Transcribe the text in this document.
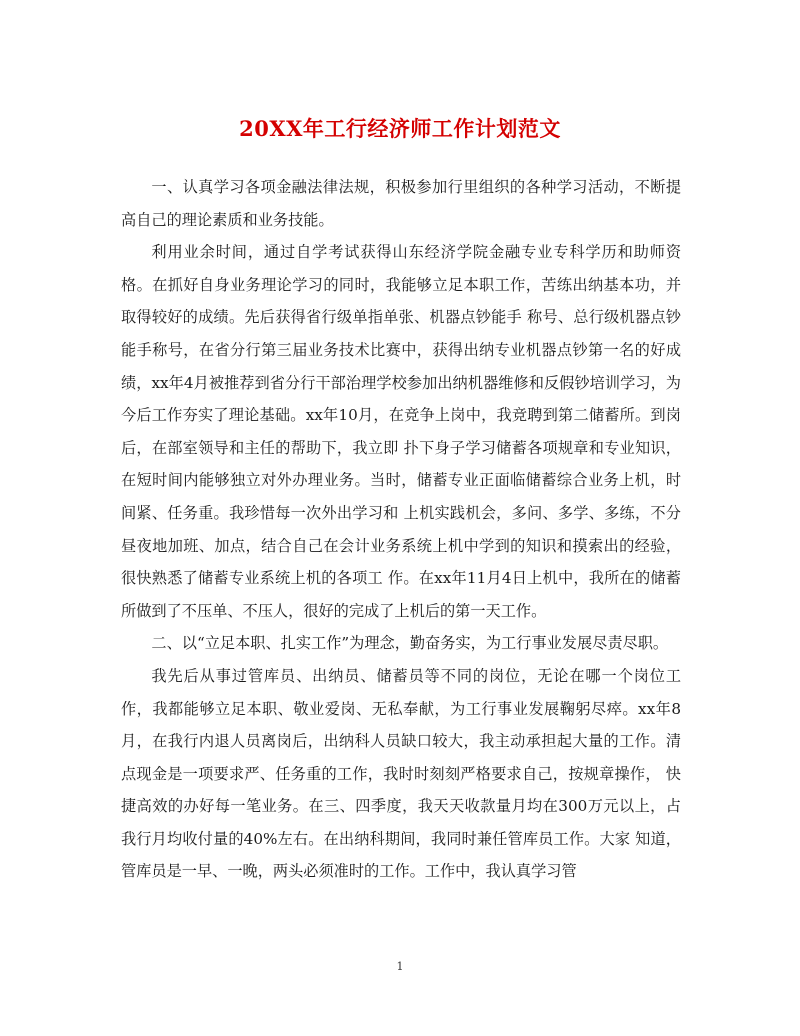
20XX年工行经济师工作计划范文

一、认真学习各项金融法律法规，积极参加行里组织的各种学习活动，不断提高自己的理论素质和业务技能。

利用业余时间，通过自学考试获得山东经济学院金融专业专科学历和助师资格。在抓好自身业务理论学习的同时，我能够立足本职工作，苦练出纳基本功，并取得较好的成绩。先后获得省行级单指单张、机器点钞能手 称号、总行级机器点钞能手称号，在省分行第三届业务技术比赛中，获得出纳专业机器点钞第一名的好成绩，xx年4月被推荐到省分行干部治理学校参加出纳机器维修和反假钞培训学习，为今后工作夯实了理论基础。xx年10月，在竞争上岗中，我竞聘到第二储蓄所。到岗后，在部室领导和主任的帮助下，我立即 扑下身子学习储蓄各项规章和专业知识，在短时间内能够独立对外办理业务。当时，储蓄专业正面临储蓄综合业务上机，时间紧、任务重。我珍惜每一次外出学习和 上机实践机会，多问、多学、多练，不分昼夜地加班、加点，结合自己在会计业务系统上机中学到的知识和摸索出的经验，很快熟悉了储蓄专业系统上机的各项工 作。在xx年11月4日上机中，我所在的储蓄所做到了不压单、不压人，很好的完成了上机后的第一天工作。

二、以“立足本职、扎实工作”为理念，勤奋务实，为工行事业发展尽责尽职。

我先后从事过管库员、出纳员、储蓄员等不同的岗位，无论在哪一个岗位工作，我都能够立足本职、敬业爱岗、无私奉献，为工行事业发展鞠躬尽瘁。xx年8月，在我行内退人员离岗后，出纳科人员缺口较大，我主动承担起大量的工作。清点现金是一项要求严、任务重的工作，我时时刻刻严格要求自己，按规章操作， 快捷高效的办好每一笔业务。在三、四季度，我天天收款量月均在300万元以上，占我行月均收付量的40%左右。在出纳科期间，我同时兼任管库员工作。大家 知道，管库员是一早、一晚，两头必须准时的工作。工作中，我认真学习管

1
